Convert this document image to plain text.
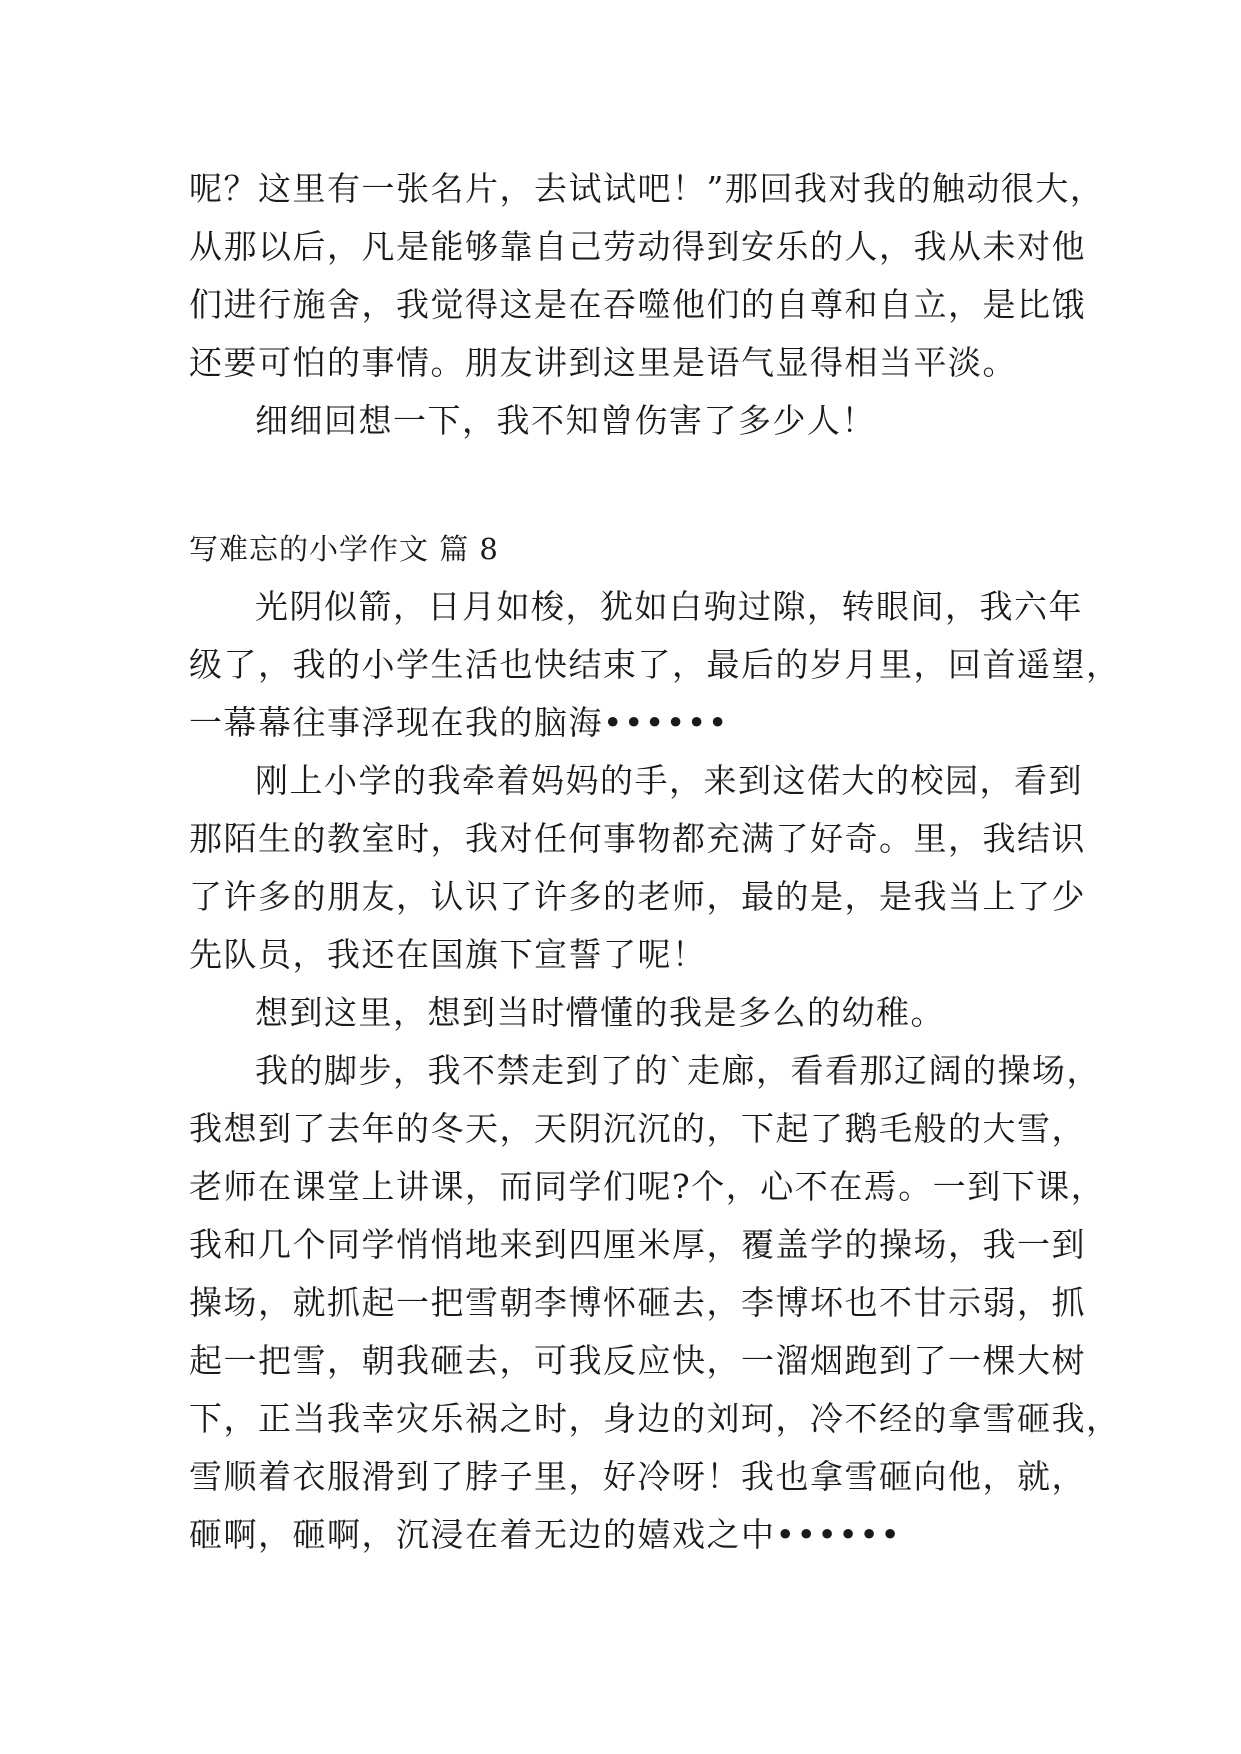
呢？这里有一张名片，去试试吧！”那回我对我的触动很大，
从那以后，凡是能够靠自己劳动得到安乐的人，我从未对他
们进行施舍，我觉得这是在吞噬他们的自尊和自立，是比饿
还要可怕的事情。朋友讲到这里是语气显得相当平淡。
细细回想一下，我不知曾伤害了多少人！
写难忘的小学作文 篇 8
光阴似箭，日月如梭，犹如白驹过隙，转眼间，我六年
级了，我的小学生活也快结束了，最后的岁月里，回首遥望，
一幕幕往事浮现在我的脑海••••••
刚上小学的我牵着妈妈的手，来到这偌大的校园，看到
那陌生的教室时，我对任何事物都充满了好奇。里，我结识
了许多的朋友，认识了许多的老师，最的是，是我当上了少
先队员，我还在国旗下宣誓了呢！
想到这里，想到当时懵懂的我是多么的幼稚。
我的脚步，我不禁走到了的`走廊，看看那辽阔的操场，
我想到了去年的冬天，天阴沉沉的，下起了鹅毛般的大雪，
老师在课堂上讲课，而同学们呢?个，心不在焉。一到下课，
我和几个同学悄悄地来到四厘米厚，覆盖学的操场，我一到
操场，就抓起一把雪朝李博怀砸去，李博坏也不甘示弱，抓
起一把雪，朝我砸去，可我反应快，一溜烟跑到了一棵大树
下，正当我幸灾乐祸之时，身边的刘珂，冷不经的拿雪砸我，
雪顺着衣服滑到了脖子里，好冷呀！我也拿雪砸向他，就，
砸啊，砸啊，沉浸在着无边的嬉戏之中••••••
